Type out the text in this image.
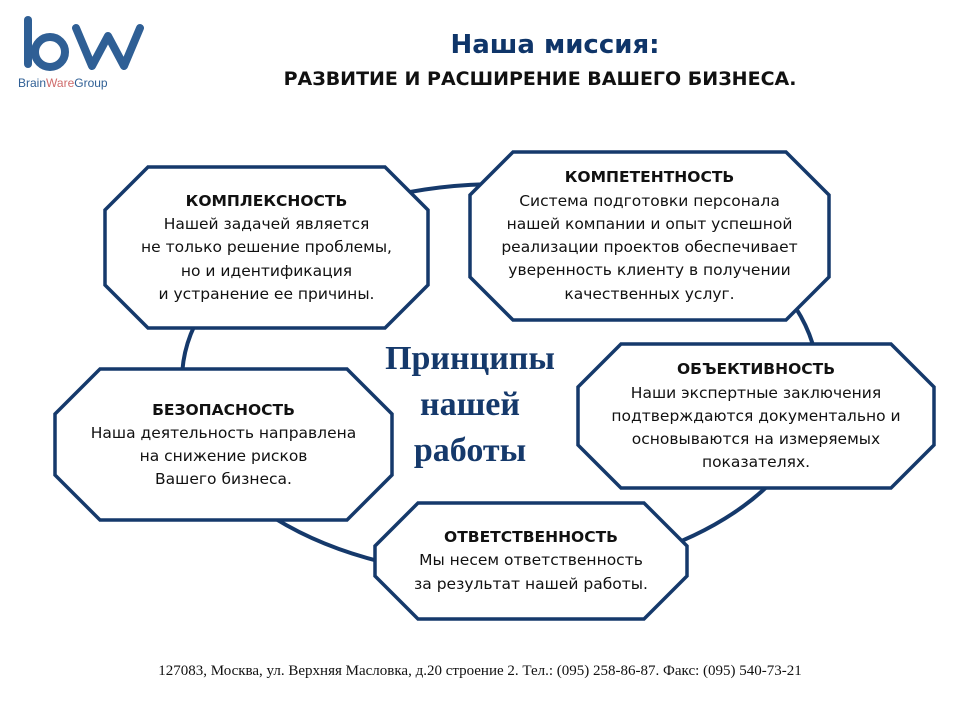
BrainWareGroup
Наша миссия:
РАЗВИТИЕ И РАСШИРЕНИЕ ВАШЕГО БИЗНЕСА.
КОМПЛЕКСНОСТЬ
Нашей задачей является
не только решение проблемы,
но и идентификация
и устранение ее причины.
КОМПЕТЕНТНОСТЬ
Система подготовки персонала
нашей компании и опыт успешной
реализации проектов обеспечивает
уверенность клиенту в получении
качественных услуг.
БЕЗОПАСНОСТЬ
Наша деятельность направлена
на снижение рисков
Вашего бизнеса.
ОБЪЕКТИВНОСТЬ
Наши экспертные заключения
подтверждаются документально и
основываются на измеряемых
показателях.
ОТВЕТСТВЕННОСТЬ
Мы несем ответственность
за результат нашей работы.
Принципы
нашей
работы
127083, Москва, ул. Верхняя Масловка, д.20 строение 2. Тел.: (095) 258-86-87. Факс: (095) 540-73-21
